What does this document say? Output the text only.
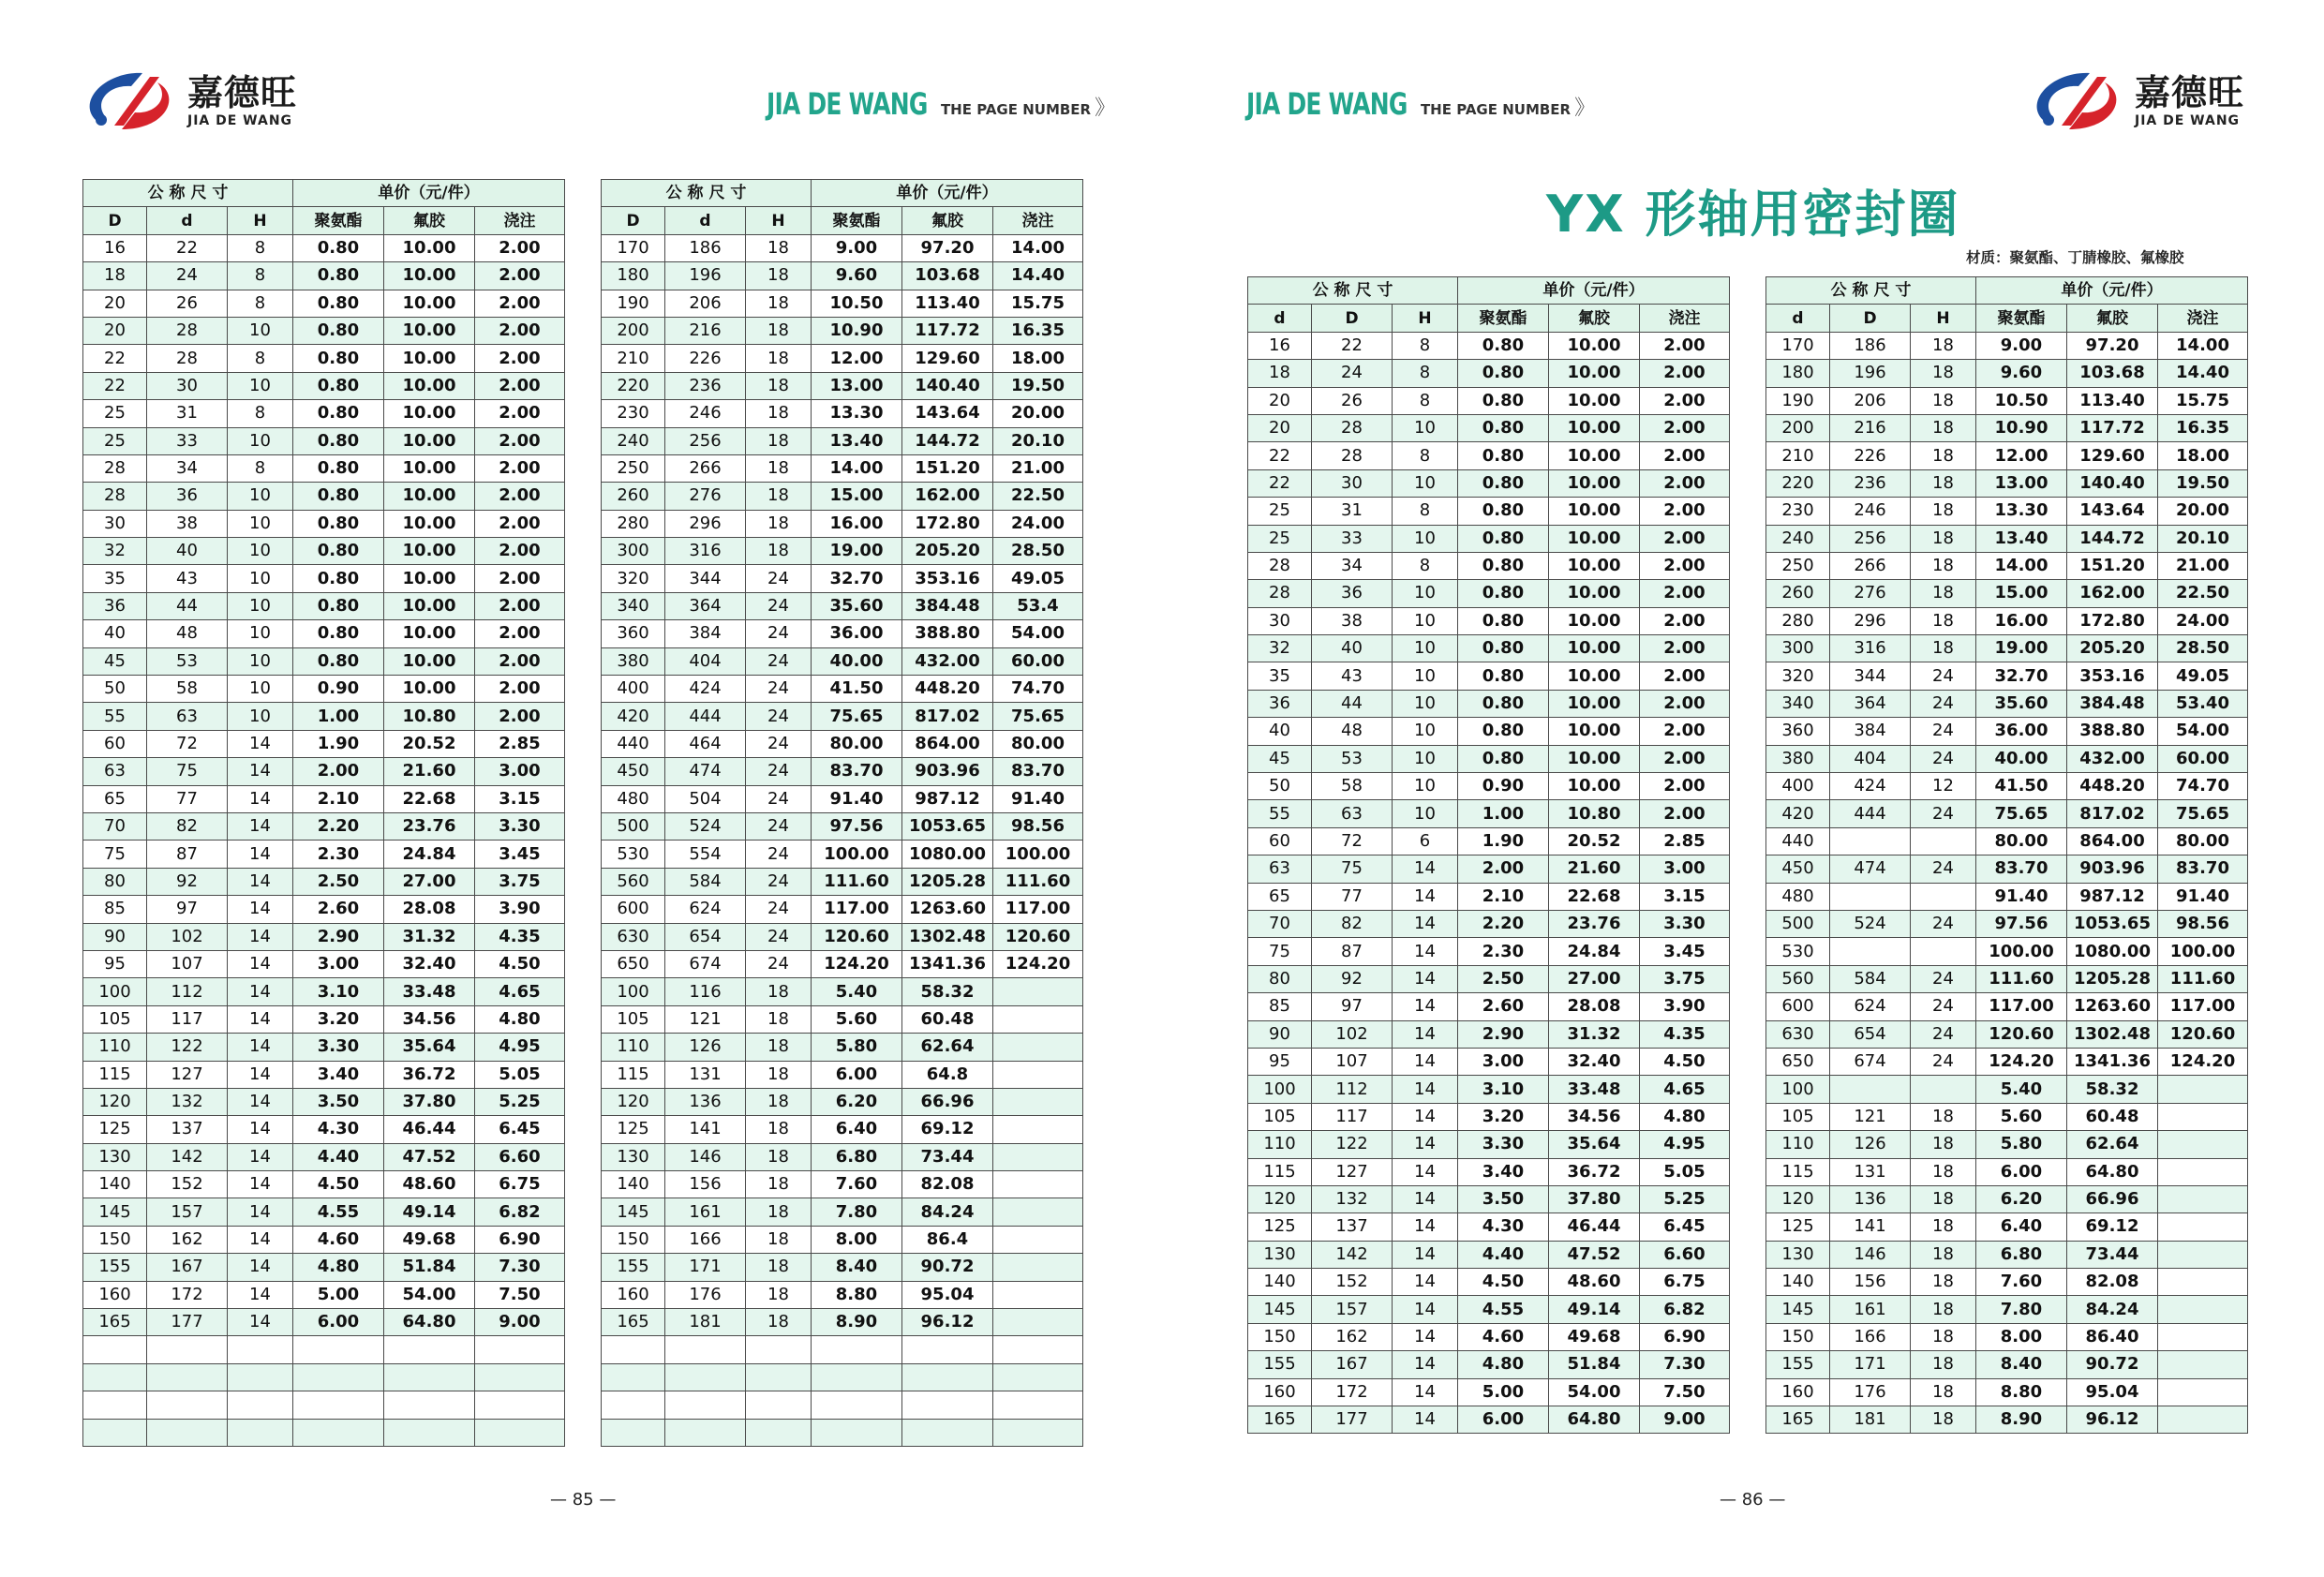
嘉德旺
JIA DE WANG
嘉德旺
JIA DE WANG
JIA DE WANG THE PAGE NUMBER 》	JIA DE WANG THE PAGE NUMBER 》
YX 形轴用密封圈
材质：聚氨酯、丁腈橡胶、氟橡胶
公 称 尺 寸			单价（元/件）		
D	d	H	聚氨酯	氟胶	浇注
16	22	8	0.80	10.00	2.00
18	24	8	0.80	10.00	2.00
20	26	8	0.80	10.00	2.00
20	28	10	0.80	10.00	2.00
22	28	8	0.80	10.00	2.00
22	30	10	0.80	10.00	2.00
25	31	8	0.80	10.00	2.00
25	33	10	0.80	10.00	2.00
28	34	8	0.80	10.00	2.00
28	36	10	0.80	10.00	2.00
30	38	10	0.80	10.00	2.00
32	40	10	0.80	10.00	2.00
35	43	10	0.80	10.00	2.00
36	44	10	0.80	10.00	2.00
40	48	10	0.80	10.00	2.00
45	53	10	0.80	10.00	2.00
50	58	10	0.90	10.00	2.00
55	63	10	1.00	10.80	2.00
60	72	14	1.90	20.52	2.85
63	75	14	2.00	21.60	3.00
65	77	14	2.10	22.68	3.15
70	82	14	2.20	23.76	3.30
75	87	14	2.30	24.84	3.45
80	92	14	2.50	27.00	3.75
85	97	14	2.60	28.08	3.90
90	102	14	2.90	31.32	4.35
95	107	14	3.00	32.40	4.50
100	112	14	3.10	33.48	4.65
105	117	14	3.20	34.56	4.80
110	122	14	3.30	35.64	4.95
115	127	14	3.40	36.72	5.05
120	132	14	3.50	37.80	5.25
125	137	14	4.30	46.44	6.45
130	142	14	4.40	47.52	6.60
140	152	14	4.50	48.60	6.75
145	157	14	4.55	49.14	6.82
150	162	14	4.60	49.68	6.90
155	167	14	4.80	51.84	7.30
160	172	14	5.00	54.00	7.50
165	177	14	6.00	64.80	9.00

公 称 尺 寸			单价（元/件）		
D	d	H	聚氨酯	氟胶	浇注
170	186	18	9.00	97.20	14.00
180	196	18	9.60	103.68	14.40
190	206	18	10.50	113.40	15.75
200	216	18	10.90	117.72	16.35
210	226	18	12.00	129.60	18.00
220	236	18	13.00	140.40	19.50
230	246	18	13.30	143.64	20.00
240	256	18	13.40	144.72	20.10
250	266	18	14.00	151.20	21.00
260	276	18	15.00	162.00	22.50
280	296	18	16.00	172.80	24.00
300	316	18	19.00	205.20	28.50
320	344	24	32.70	353.16	49.05
340	364	24	35.60	384.48	53.4
360	384	24	36.00	388.80	54.00
380	404	24	40.00	432.00	60.00
400	424	24	41.50	448.20	74.70
420	444	24	75.65	817.02	75.65
440	464	24	80.00	864.00	80.00
450	474	24	83.70	903.96	83.70
480	504	24	91.40	987.12	91.40
500	524	24	97.56	1053.65	98.56
530	554	24	100.00	1080.00	100.00
560	584	24	111.60	1205.28	111.60
600	624	24	117.00	1263.60	117.00
630	654	24	120.60	1302.48	120.60
650	674	24	124.20	1341.36	124.20
100	116	18	5.40	58.32	
105	121	18	5.60	60.48	
110	126	18	5.80	62.64	
115	131	18	6.00	64.8	
120	136	18	6.20	66.96	
125	141	18	6.40	69.12	
130	146	18	6.80	73.44	
140	156	18	7.60	82.08	
145	161	18	7.80	84.24	
150	166	18	8.00	86.4	
155	171	18	8.40	90.72	
160	176	18	8.80	95.04	
165	181	18	8.90	96.12	

公 称 尺 寸			单价（元/件）		
d	D	H	聚氨酯	氟胶	浇注
16	22	8	0.80	10.00	2.00
18	24	8	0.80	10.00	2.00
20	26	8	0.80	10.00	2.00
20	28	10	0.80	10.00	2.00
22	28	8	0.80	10.00	2.00
22	30	10	0.80	10.00	2.00
25	31	8	0.80	10.00	2.00
25	33	10	0.80	10.00	2.00
28	34	8	0.80	10.00	2.00
28	36	10	0.80	10.00	2.00
30	38	10	0.80	10.00	2.00
32	40	10	0.80	10.00	2.00
35	43	10	0.80	10.00	2.00
36	44	10	0.80	10.00	2.00
40	48	10	0.80	10.00	2.00
45	53	10	0.80	10.00	2.00
50	58	10	0.90	10.00	2.00
55	63	10	1.00	10.80	2.00
60	72	6	1.90	20.52	2.85
63	75	14	2.00	21.60	3.00
65	77	14	2.10	22.68	3.15
70	82	14	2.20	23.76	3.30
75	87	14	2.30	24.84	3.45
80	92	14	2.50	27.00	3.75
85	97	14	2.60	28.08	3.90
90	102	14	2.90	31.32	4.35
95	107	14	3.00	32.40	4.50
100	112	14	3.10	33.48	4.65
105	117	14	3.20	34.56	4.80
110	122	14	3.30	35.64	4.95
115	127	14	3.40	36.72	5.05
120	132	14	3.50	37.80	5.25
125	137	14	4.30	46.44	6.45
130	142	14	4.40	47.52	6.60
140	152	14	4.50	48.60	6.75
145	157	14	4.55	49.14	6.82
150	162	14	4.60	49.68	6.90
155	167	14	4.80	51.84	7.30
160	172	14	5.00	54.00	7.50
165	177	14	6.00	64.80	9.00
公 称 尺 寸			单价（元/件）		
d	D	H	聚氨酯	氟胶	浇注
170	186	18	9.00	97.20	14.00
180	196	18	9.60	103.68	14.40
190	206	18	10.50	113.40	15.75
200	216	18	10.90	117.72	16.35
210	226	18	12.00	129.60	18.00
220	236	18	13.00	140.40	19.50
230	246	18	13.30	143.64	20.00
240	256	18	13.40	144.72	20.10
250	266	18	14.00	151.20	21.00
260	276	18	15.00	162.00	22.50
280	296	18	16.00	172.80	24.00
300	316	18	19.00	205.20	28.50
320	344	24	32.70	353.16	49.05
340	364	24	35.60	384.48	53.40
360	384	24	36.00	388.80	54.00
380	404	24	40.00	432.00	60.00
400	424	12	41.50	448.20	74.70
420	444	24	75.65	817.02	75.65
440			80.00	864.00	80.00
450	474	24	83.70	903.96	83.70
480			91.40	987.12	91.40
500	524	24	97.56	1053.65	98.56
530			100.00	1080.00	100.00
560	584	24	111.60	1205.28	111.60
600	624	24	117.00	1263.60	117.00
630	654	24	120.60	1302.48	120.60
650	674	24	124.20	1341.36	124.20
100			5.40	58.32	
105	121	18	5.60	60.48	
110	126	18	5.80	62.64	
115	131	18	6.00	64.80	
120	136	18	6.20	66.96	
125	141	18	6.40	69.12	
130	146	18	6.80	73.44	
140	156	18	7.60	82.08	
145	161	18	7.80	84.24	
150	166	18	8.00	86.40	
155	171	18	8.40	90.72	
160	176	18	8.80	95.04	
165	181	18	8.90	96.12	
— 85 —	— 86 —
